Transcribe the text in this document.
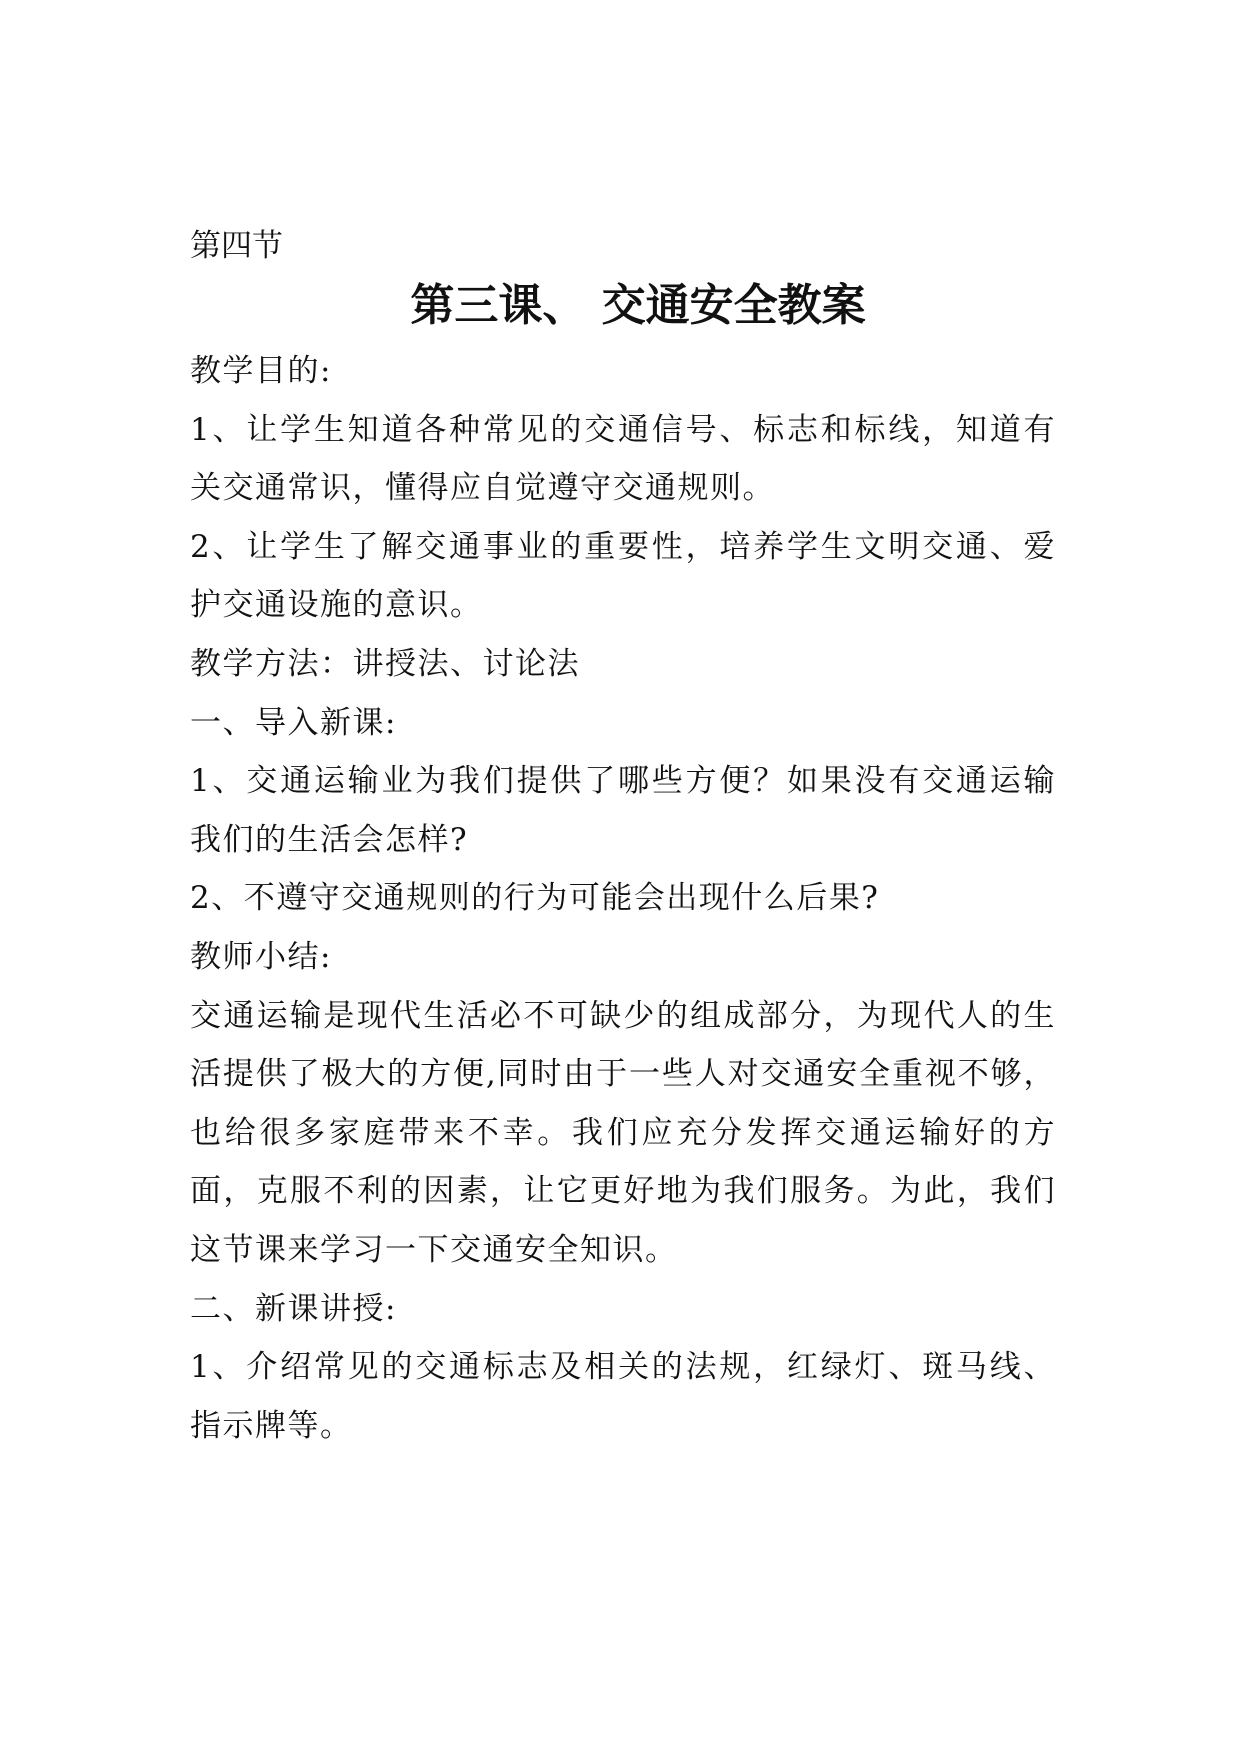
第四节

第三课、 交通安全教案

教学目的:

1、让学生知道各种常见的交通信号、标志和标线，知道有关交通常识，懂得应自觉遵守交通规则。

2、让学生了解交通事业的重要性，培养学生文明交通、爱护交通设施的意识。

教学方法：讲授法、讨论法

一、导入新课:

1、交通运输业为我们提供了哪些方便？如果没有交通运输我们的生活会怎样?

2、不遵守交通规则的行为可能会出现什么后果?

教师小结:

交通运输是现代生活必不可缺少的组成部分，为现代人的生活提供了极大的方便,同时由于一些人对交通安全重视不够，也给很多家庭带来不幸。我们应充分发挥交通运输好的方面，克服不利的因素，让它更好地为我们服务。为此，我们这节课来学习一下交通安全知识。

二、新课讲授:

1、介绍常见的交通标志及相关的法规，红绿灯、斑马线、指示牌等。
